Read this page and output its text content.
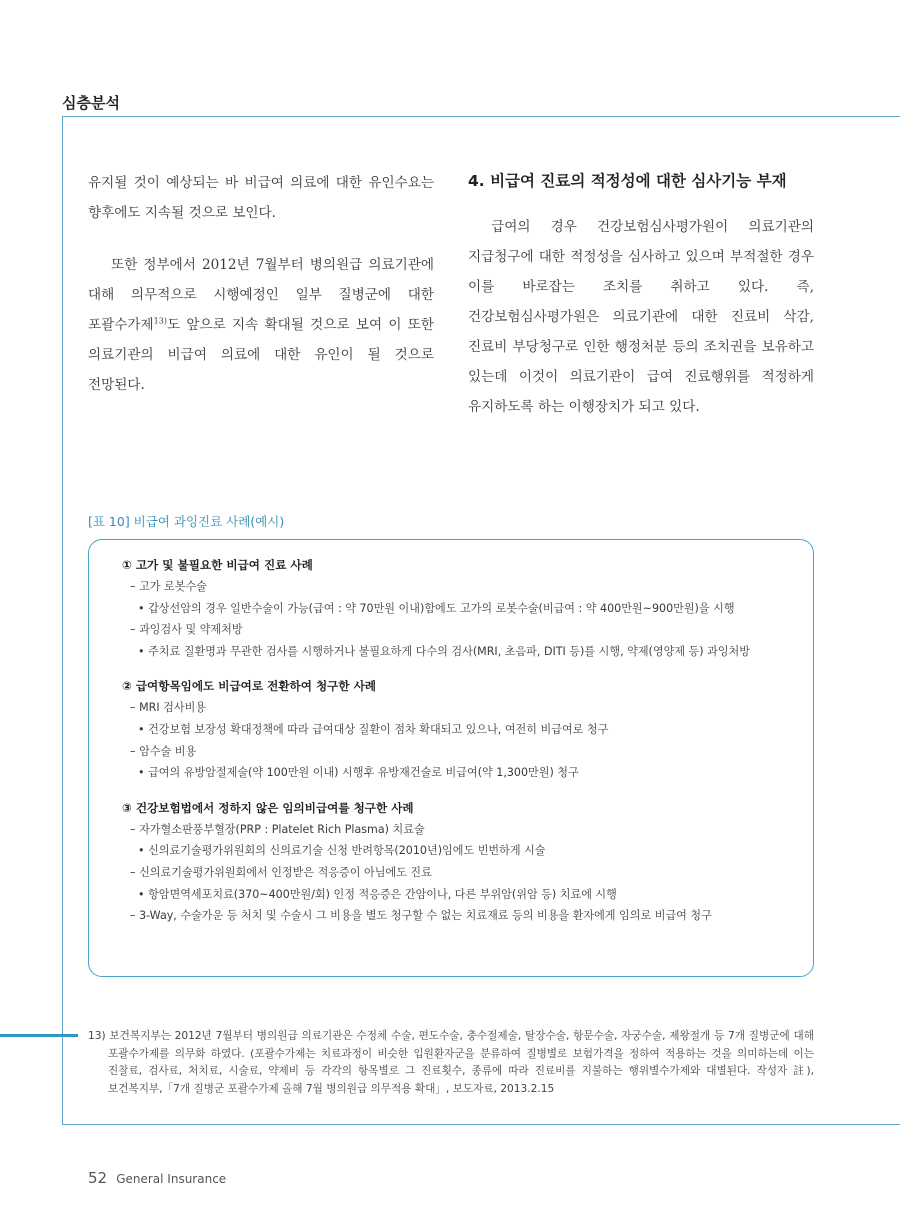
심층분석

유지될 것이 예상되는 바 비급여 의료에 대한 유인수요는 향후에도 지속될 것으로 보인다.

또한 정부에서 2012년 7월부터 병의원급 의료기관에 대해 의무적으로 시행예정인 일부 질병군에 대한 포괄수가제$^{13)}$도 앞으로 지속 확대될 것으로 보여 이 또한 의료기관의 비급여 의료에 대한 유인이 될 것으로 전망된다.

4. 비급여 진료의 적정성에 대한 심사기능 부재

급여의 경우 건강보험심사평가원이 의료기관의 지급청구에 대한 적정성을 심사하고 있으며 부적절한 경우 이를 바로잡는 조치를 취하고 있다. 즉, 건강보험심사평가원은 의료기관에 대한 진료비 삭감, 진료비 부당청구로 인한 행정처분 등의 조치권을 보유하고 있는데 이것이 의료기관이 급여 진료행위를 적정하게 유지하도록 하는 이행장치가 되고 있다.

[표 10] 비급여 과잉진료 사례(예시)

① 고가 및 불필요한 비급여 진료 사례
– 고가 로봇수술
• 갑상선암의 경우 일반수술이 가능(급여 : 약 70만원 이내)함에도 고가의 로봇수술(비급여 : 약 400만원~900만원)을 시행
– 과잉검사 및 약제처방
• 주치료 질환명과 무관한 검사를 시행하거나 불필요하게 다수의 검사(MRI, 초음파, DITI 등)를 시행, 약제(영양제 등) 과잉처방
② 급여항목임에도 비급여로 전환하여 청구한 사례
– MRI 검사비용
• 건강보험 보장성 확대정책에 따라 급여대상 질환이 점차 확대되고 있으나, 여전히 비급여로 청구
– 암수술 비용
• 급여의 유방암절제술(약 100만원 이내) 시행후 유방재건술로 비급여(약 1,300만원) 청구
③ 건강보험법에서 정하지 않은 임의비급여를 청구한 사례
– 자가혈소판풍부혈장(PRP : Platelet Rich Plasma) 치료술
• 신의료기술평가위원회의 신의료기술 신청 반려항목(2010년)임에도 빈번하게 시술
– 신의료기술평가위원회에서 인정받은 적응증이 아님에도 진료
• 항암면역세포치료(370~400만원/회) 인정 적응증은 간암이나, 다른 부위암(위암 등) 치료에 시행
– 3-Way, 수술가운 등 처치 및 수술시 그 비용을 별도 청구할 수 없는 치료재료 등의 비용을 환자에게 임의로 비급여 청구

13) 보건복지부는 2012년 7월부터 병의원급 의료기관은 수정체 수술, 편도수술, 충수절제술, 탈장수술, 항문수술, 자궁수술, 제왕절개 등 7개 질병군에 대해 포괄수가제를 의무화 하였다. (포괄수가제는 치료과정이 비슷한 입원환자군을 분류하여 질병별로 보험가격을 정하여 적용하는 것을 의미하는데 이는 진찰료, 검사료, 처치료, 시술료, 약제비 등 각각의 항목별로 그 진료횟수, 종류에 따라 진료비를 지불하는 행위별수가제와 대별된다. 작성자 註), 보건복지부,「7개 질병군 포괄수가제 올해 7월 병의원급 의무적용 확대」, 보도자료, 2013.2.15

52 General Insurance
